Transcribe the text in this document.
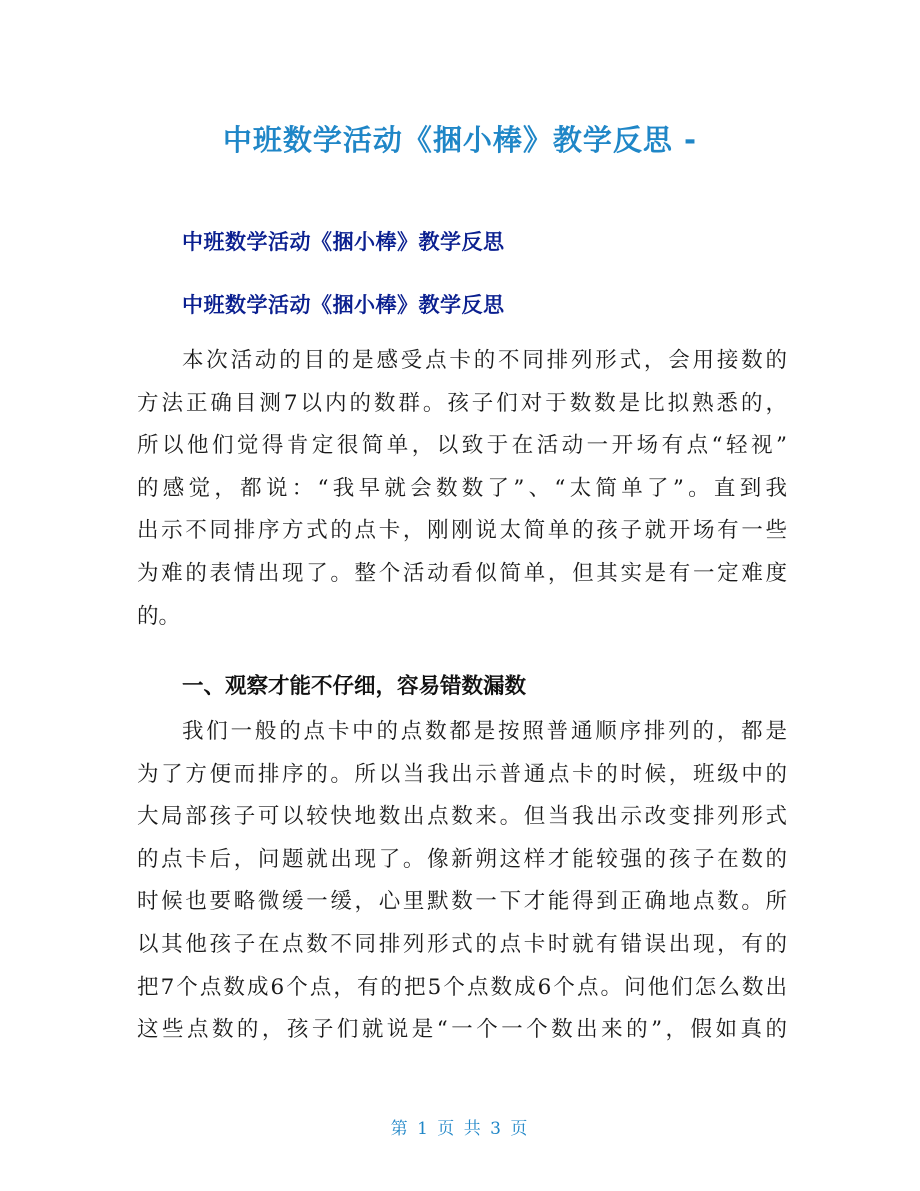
中班数学活动《捆小棒》教学反思 -
中班数学活动《捆小棒》教学反思
中班数学活动《捆小棒》教学反思
本次活动的目的是感受点卡的不同排列形式，会用接数的
方法正确目测7以内的数群。孩子们对于数数是比拟熟悉的，
所以他们觉得肯定很简单，以致于在活动一开场有点“轻视”
的感觉，都说：“我早就会数数了”、“太简单了”。直到我
出示不同排序方式的点卡，刚刚说太简单的孩子就开场有一些
为难的表情出现了。整个活动看似简单，但其实是有一定难度
的。
一、观察才能不仔细，容易错数漏数
我们一般的点卡中的点数都是按照普通顺序排列的，都是
为了方便而排序的。所以当我出示普通点卡的时候，班级中的
大局部孩子可以较快地数出点数来。但当我出示改变排列形式
的点卡后，问题就出现了。像新朔这样才能较强的孩子在数的
时候也要略微缓一缓，心里默数一下才能得到正确地点数。所
以其他孩子在点数不同排列形式的点卡时就有错误出现，有的
把7个点数成6个点，有的把5个点数成6个点。问他们怎么数出
这些点数的，孩子们就说是“一个一个数出来的”，假如真的
第 1 页 共 3 页
